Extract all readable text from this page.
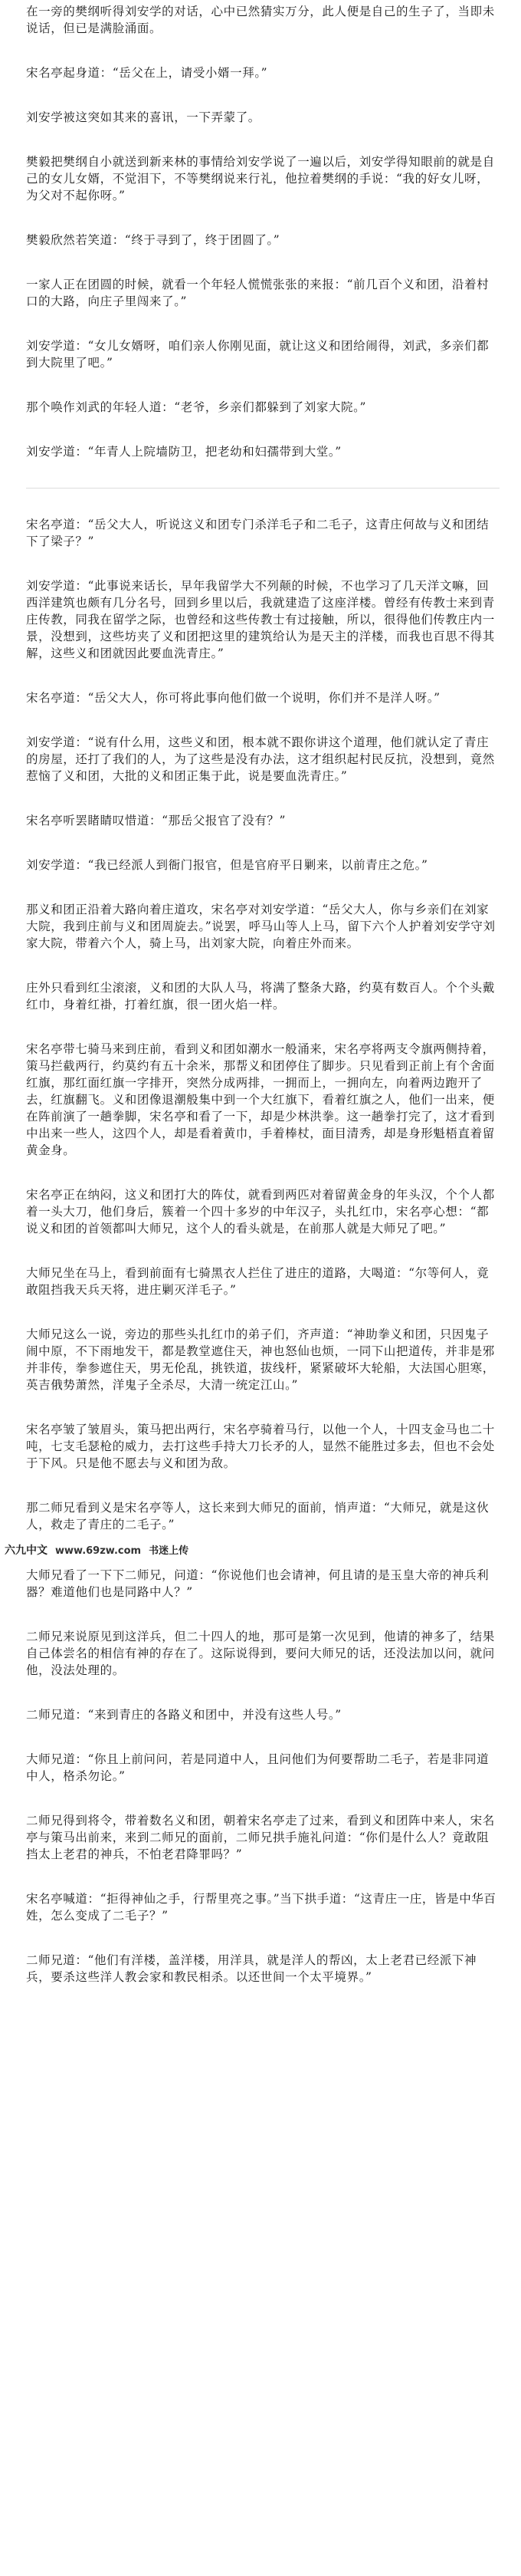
在一旁的樊纲听得刘安学的对话，心中已然猜实万分，此人便是自己的生子了，当即未说话，但已是满脸涌面。

宋名亭起身道：“岳父在上，请受小婿一拜。”

刘安学被这突如其来的喜讯，一下弄蒙了。

樊毅把樊纲自小就送到新来林的事情给刘安学说了一遍以后，刘安学得知眼前的就是自己的女儿女婿，不觉泪下，不等樊纲说来行礼，他拉着樊纲的手说：“我的好女儿呀，为父对不起你呀。”

樊毅欣然若笑道：“终于寻到了，终于团圆了。”

一家人正在团圆的时候，就看一个年轻人慌慌张张的来报：“前几百个义和团，沿着村口的大路，向庄子里闯来了。”

刘安学道：“女儿女婿呀，咱们亲人你刚见面，就让这义和团给闹得，刘武，多亲们都到大院里了吧。”

那个唤作刘武的年轻人道：“老爷，乡亲们都躲到了刘家大院。”

刘安学道：“年青人上院墙防卫，把老幼和妇孺带到大堂。”

宋名亭道：“岳父大人，听说这义和团专门杀洋毛子和二毛子，这青庄何故与义和团结下了梁子？”

刘安学道：“此事说来话长，早年我留学大不列颠的时候，不也学习了几天洋文嘛，回西洋建筑也颇有几分名号，回到乡里以后，我就建造了这座洋楼。曾经有传教士来到青庄传教，同我在留学之际，也曾经和这些传教士有过接触，所以，很得他们传教庄内一景，没想到，这些坊夹了义和团把这里的建筑给认为是天主的洋楼，而我也百思不得其解，这些义和团就因此要血洗青庄。”

宋名亭道：“岳父大人，你可将此事向他们做一个说明，你们并不是洋人呀。”

刘安学道：“说有什么用，这些义和团，根本就不跟你讲这个道理，他们就认定了青庄的房屋，还打了我们的人，为了这些是没有办法，这才组织起村民反抗，没想到，竟然惹恼了义和团，大批的义和团正集于此，说是要血洗青庄。”

宋名亭听罢睹睛叹惜道：“那岳父报官了没有？”

刘安学道：“我已经派人到衙门报官，但是官府平日剿来，以前青庄之危。”

那义和团正沿着大路向着庄道攻，宋名亭对刘安学道：“岳父大人，你与乡亲们在刘家大院，我到庄前与义和团周旋去。”说罢，呼马山等人上马，留下六个人护着刘安学守刘家大院，带着六个人，骑上马，出刘家大院，向着庄外而来。

庄外只看到红尘滚滚，义和团的大队人马，将满了整条大路，约莫有数百人。个个头戴红巾，身着红褂，打着红旗，很一团火焰一样。

宋名亭带七骑马来到庄前，看到义和团如潮水一般涌来，宋名亭将两支令旗两侧持着，策马拦截两行，约莫约有五十余米，那帮义和团停住了脚步。只见看到正前上有个舍面红旗，那红面红旗一字排开，突然分成两排，一拥而上，一拥向左，向着两边跑开了去，红旗翻飞。义和团像退潮般集中到一个大红旗下，看着红旗之人，他们一出来，便在阵前演了一趟拳脚，宋名亭和看了一下，却是少林洪拳。这一趟拳打完了，这才看到中出来一些人，这四个人，却是看着黄巾，手着棒杖，面目清秀，却是身形魁梧直着留黄金身。

宋名亭正在纳闷，这义和团打大的阵仗，就看到两匹对着留黄金身的年头汉，个个人都着一头大刀，他们身后，簇着一个四十多岁的中年汉子，头扎红巾，宋名亭心想：“都说义和团的首领都叫大师兄，这个人的看头就是，在前那人就是大师兄了吧。”

大师兄坐在马上，看到前面有七骑黑衣人拦住了进庄的道路，大喝道：“尔等何人，竟敢阻挡我天兵天将，进庄剿灭洋毛子。”

大师兄这么一说，旁边的那些头扎红巾的弟子们，齐声道：“神助拳义和团，只因鬼子闹中原，不下雨地发干，都是教堂遮住天，神也怒仙也烦，一同下山把道传，并非是邪并非传，拳参遮住天，男无伦乱，挑铁道，拔线杆，紧紧破坏大轮船，大法国心胆寒，英吉俄势萧然，洋鬼子全杀尽，大清一统定江山。”

宋名亭皱了皱眉头，策马把出两行，宋名亭骑着马行，以他一个人，十四支金马也二十吨，七支毛瑟枪的威力，去打这些手持大刀长矛的人，显然不能胜过多去，但也不会处于下风。只是他不愿去与义和团为敌。

那二师兄看到义是宋名亭等人，这长来到大师兄的面前，悄声道：“大师兄，就是这伙人，救走了青庄的二毛子。”

六九中文 www.69zw.com 书迷上传

大师兄看了一下下二师兄，问道：“你说他们也会请神，何且请的是玉皇大帝的神兵利器？难道他们也是同路中人？”

二师兄来说原见到这洋兵，但二十四人的地，那可是第一次见到，他请的神多了，结果自己体尝名的相信有神的存在了。这际说得到，要问大师兄的话，还没法加以问，就问他，没法处理的。

二师兄道：“来到青庄的各路义和团中，并没有这些人号。”

大师兄道：“你且上前问问，若是同道中人，且问他们为何要帮助二毛子，若是非同道中人，格杀勿论。”

二师兄得到将令，带着数名义和团，朝着宋名亭走了过来，看到义和团阵中来人，宋名亭与策马出前来，来到二师兄的面前，二师兄拱手施礼问道：“你们是什么人？竟敢阻挡太上老君的神兵，不怕老君降罪吗？”

宋名亭喊道：“拒得神仙之手，行帮里亮之事。”当下拱手道：“这青庄一庄，皆是中华百姓，怎么变成了二毛子？”

二师兄道：“他们有洋楼，盖洋楼，用洋具，就是洋人的帮凶，太上老君已经派下神兵，要杀这些洋人教会家和教民相杀。以还世间一个太平境界。”
